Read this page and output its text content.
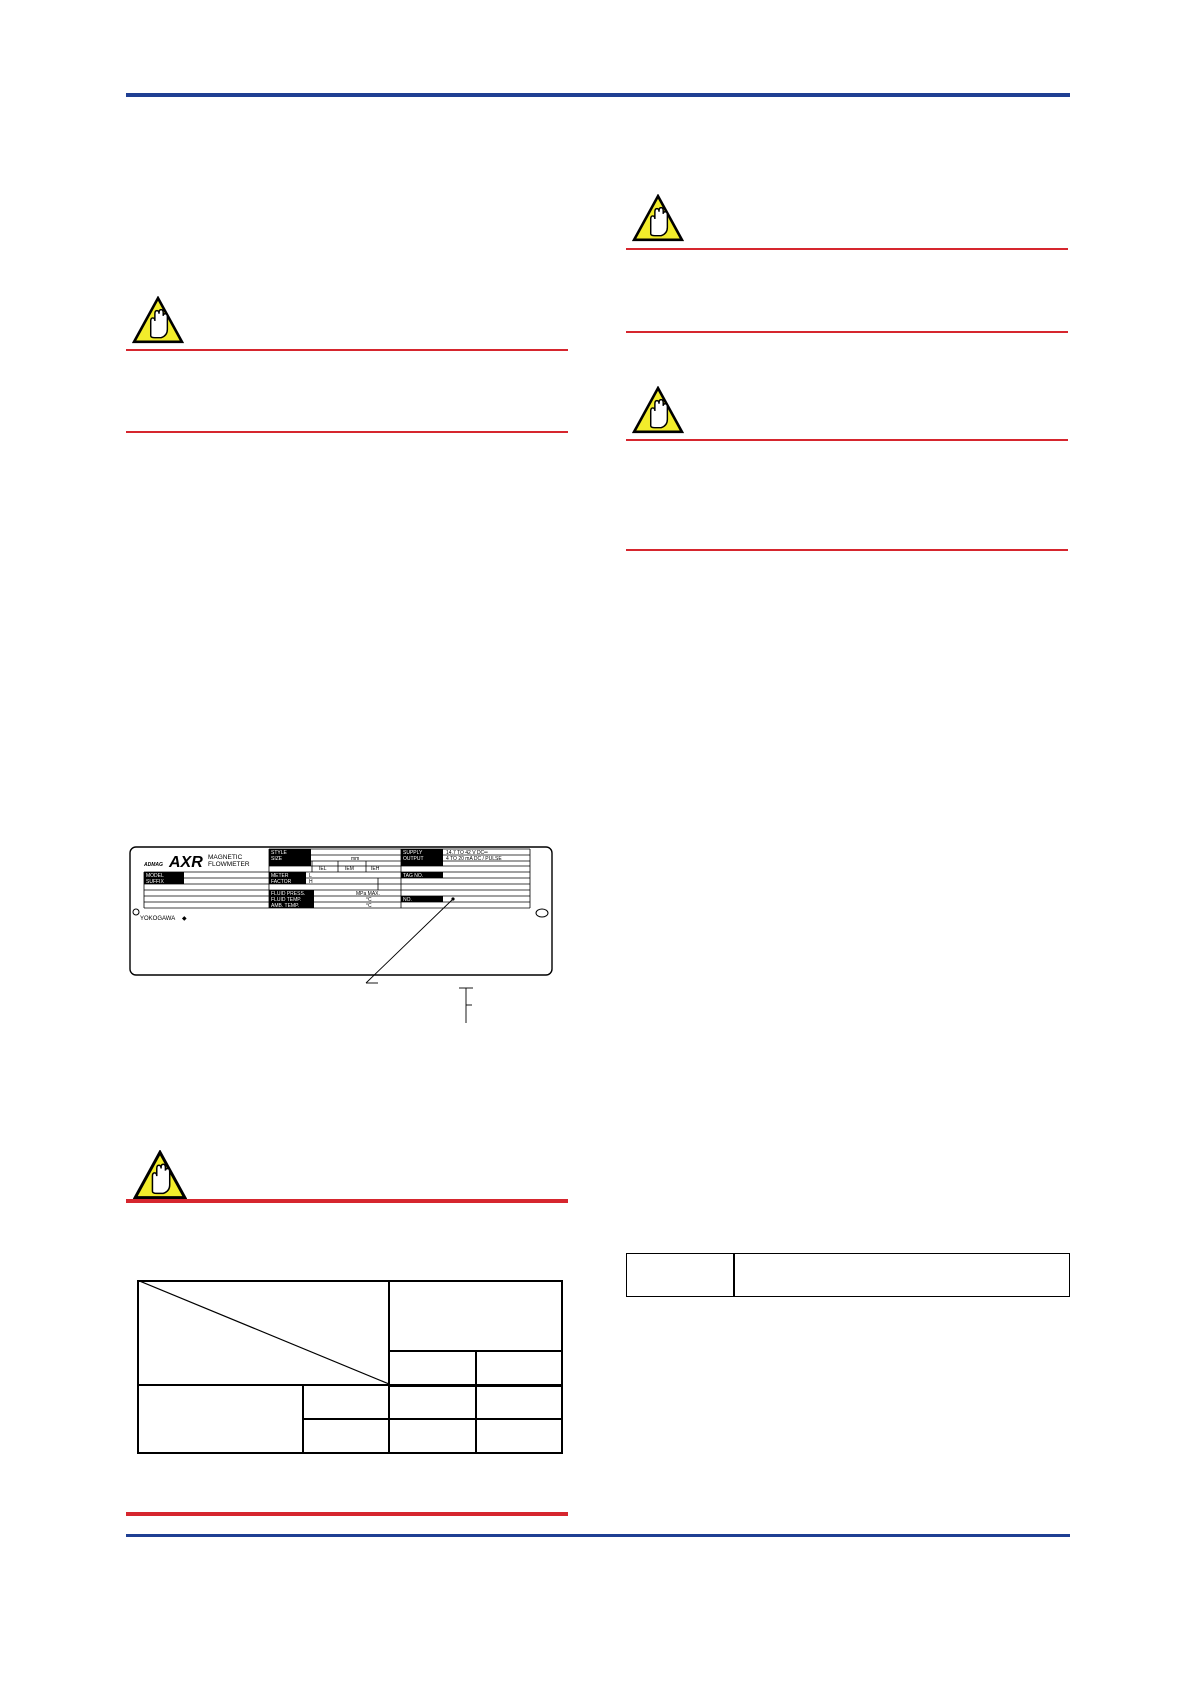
ADMAG AXR MAGNETIC
FLOWMETER
MODEL
SUFFIX
STYLE
SIZE	mm
IEL	IEM	IEH
METER	L
FACTOR	H
FLUID PRESS.	MPa MAX.
FLUID TEMP.	°C
AMB. TEMP.	°C
SUPPLY	14.7 TO 42 V DC═
OUTPUT	4 TO 20 mA DC / PULSE
TAG NO.
NO.
YOKOGAWA ◆
